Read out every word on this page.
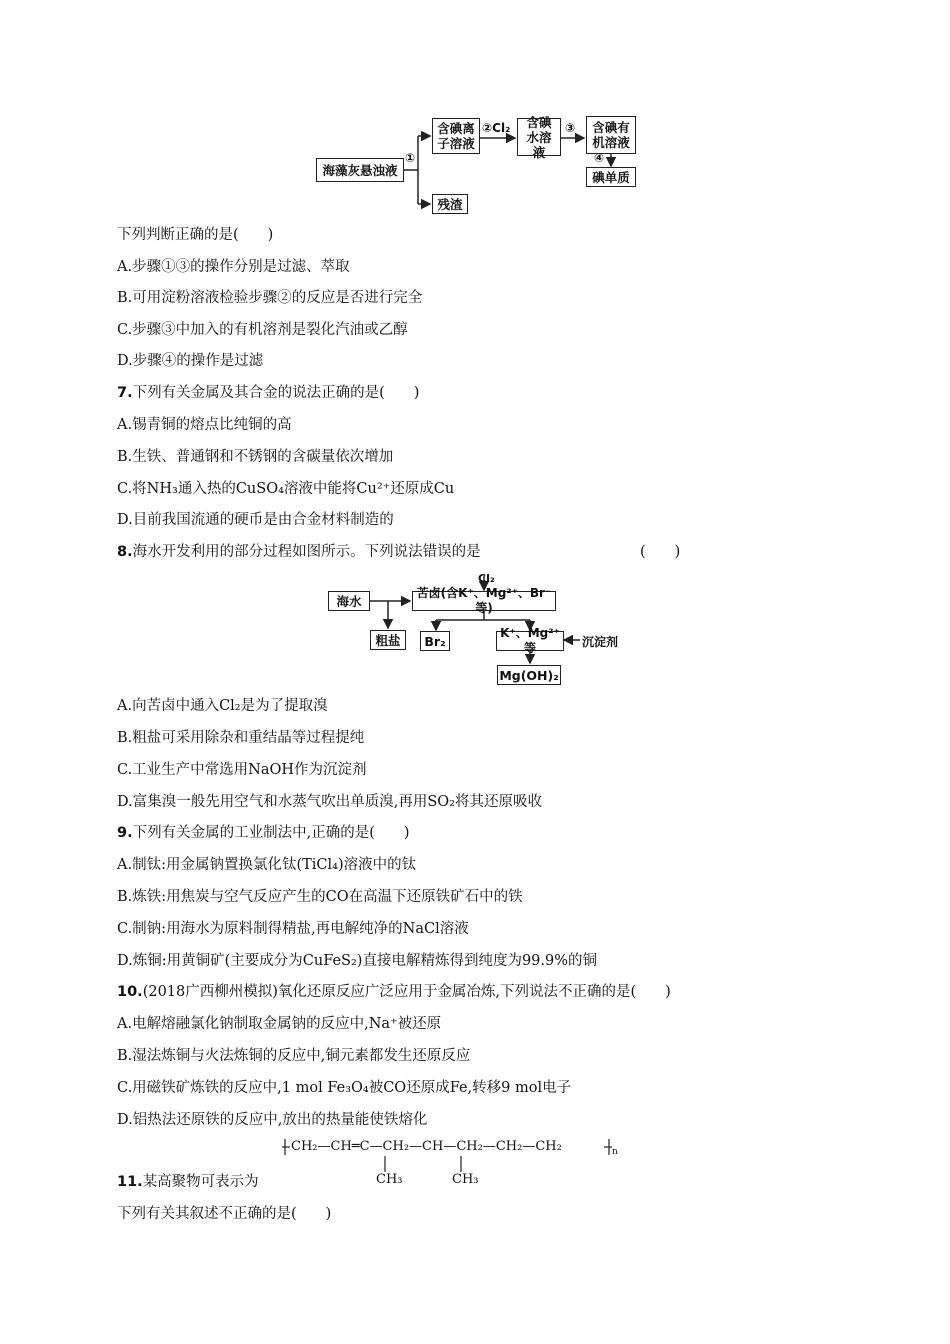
海藻灰悬浊液
①
含碘离子溶液
②Cl₂	含碘水溶液
③ 含碘有机溶液
④
碘单质
残渣
下列判断正确的是(　　)
A.步骤①③的操作分别是过滤、萃取
B.可用淀粉溶液检验步骤②的反应是否进行完全
C.步骤③中加入的有机溶剂是裂化汽油或乙醇
D.步骤④的操作是过滤
7.下列有关金属及其合金的说法正确的是(　　)
A.锡青铜的熔点比纯铜的高
B.生铁、普通钢和不锈钢的含碳量依次增加
C.将NH₃通入热的CuSO₄溶液中能将Cu²⁺还原成Cu
D.目前我国流通的硬币是由合金材料制造的
8.海水开发利用的部分过程如图所示。下列说法错误的是	(　　)
Cl₂
海水
苦卤(含K⁺、Mg²⁺、Br⁻等)
粗盐 Br₂
K⁺、Mg²⁺等	沉淀剂
Mg(OH)₂
A.向苦卤中通入Cl₂是为了提取溴
B.粗盐可采用除杂和重结晶等过程提纯
C.工业生产中常选用NaOH作为沉淀剂
D.富集溴一般先用空气和水蒸气吹出单质溴,再用SO₂将其还原吸收
9.下列有关金属的工业制法中,正确的是(　　)
A.制钛:用金属钠置换氯化钛(TiCl₄)溶液中的钛
B.炼铁:用焦炭与空气反应产生的CO在高温下还原铁矿石中的铁
C.制钠:用海水为原料制得精盐,再电解纯净的NaCl溶液
D.炼铜:用黄铜矿(主要成分为CuFeS₂)直接电解精炼得到纯度为99.9%的铜
10.(2018广西柳州模拟)氧化还原反应广泛应用于金属冶炼,下列说法不正确的是(　　)
A.电解熔融氯化钠制取金属钠的反应中,Na⁺被还原
B.湿法炼铜与火法炼铜的反应中,铜元素都发生还原反应
C.用磁铁矿炼铁的反应中,1 mol Fe₃O₄被CO还原成Fe,转移9 mol电子
D.铝热法还原铁的反应中,放出的热量能使铁熔化
CH₂—CH═C—CH₂—CH—CH₂—CH₂—CH₂	n
CH₃	CH₃
11.某高聚物可表示为
下列有关其叙述不正确的是(　　)
